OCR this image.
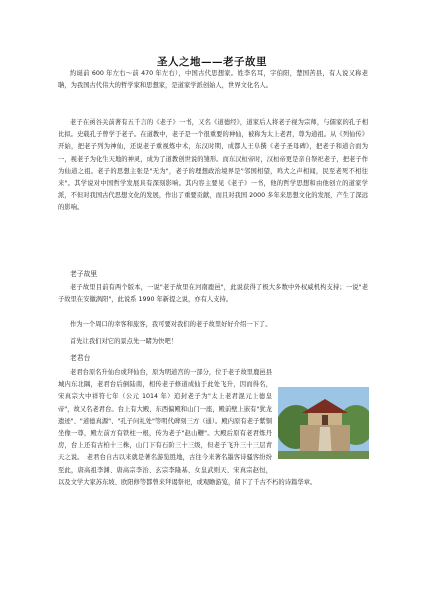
圣人之地——老子故里

約诞前 600 年左右～前 470 年左右），中国古代思想家。姓李名耳，字伯阳，楚国苦县，有人说又称老聃，为我国古代伟大的哲学家和思想家，是道家学派创始人，世界文化名人。

老子在函谷关前著有五千言的《老子》一书，又名《道德经》，道家后人将老子视为宗师，与儒家的孔子相比拟。史载孔子曾学于老子。在道教中，老子是一个很重要的神仙，被称为太上老君，尊为道祖。从《列仙传》开始，把老子列为神仙，还说老子重视炼中术，东汉时期，成都人王阜撰《老子圣母碑》，把老子和道合而为一，视老子为化生天地的神灵，成为了道教创世说的雏形。而东汉桓帝时，汉桓帝更是亲自祭祀老子，把老子作为仙道之祖。老子的思想主张是"无为"，老子的理想政治境界是"邻国相望，鸡犬之声相闻，民至老死不相往来"。其学说对中国哲学发展具有深刻影响。其内容主要见《老子》一书，他的哲学思想和由他创立的道家学派，不但对我国古代思想文化的发展，作出了重要贡献，而且对我国 2000 多年来思想文化的发展，产生了深远的影响。

老子故里

老子故里目前有两个版本，一说"老子故里在河南鹿邑"，此说获得了极大多数中外权威机构支持；一说"老子故里在安徽涡阳"，此说系 1990 年新提之说，亦有人支持。

作为一个周口的幸客和旅客，我可要对我们的老子故里好好介绍一下了。

首先让我们对它的景点先一睹为快吧！

老君台

老君台原名升仙台或拜仙台，原为明道宫的一部分，位于老子故里鹿邑县城内东北隅，老君台后倒陆南，相传老子修道成仙于此处飞升，因而得名，宋真宗大中祥符七年（公元 1014 年）追封老子为"太上老君混元上德皇帝"，故又名老君台。台上有大殿、东西偏殿和山门一座，殿前壁上嵌有"犹龙遗迹"、"道德真源"、"孔子问礼处"等明代碑刻三方（通）。殿内原有老子紫铜坐像一尊，殿左前方有铁柱一根，传为老子"赵山鞭"。大殿后原有老君炼丹房，台上还有古柏十三株，山门下有石阶三十三级，但老子飞升三十三层青天之说。　老君台自古以来就是著名游览胜地，古往今来著名墨客诗骚客纷纷至此，唐高祖李渊、唐高宗李治、玄宗李隆基、女皇武则天、宋真宗赵恒，以及文学大家苏东坡、欧阳修等都曾来拜谒祭祀，或观瞻游览，留下了千古不朽的诗篇华章。
